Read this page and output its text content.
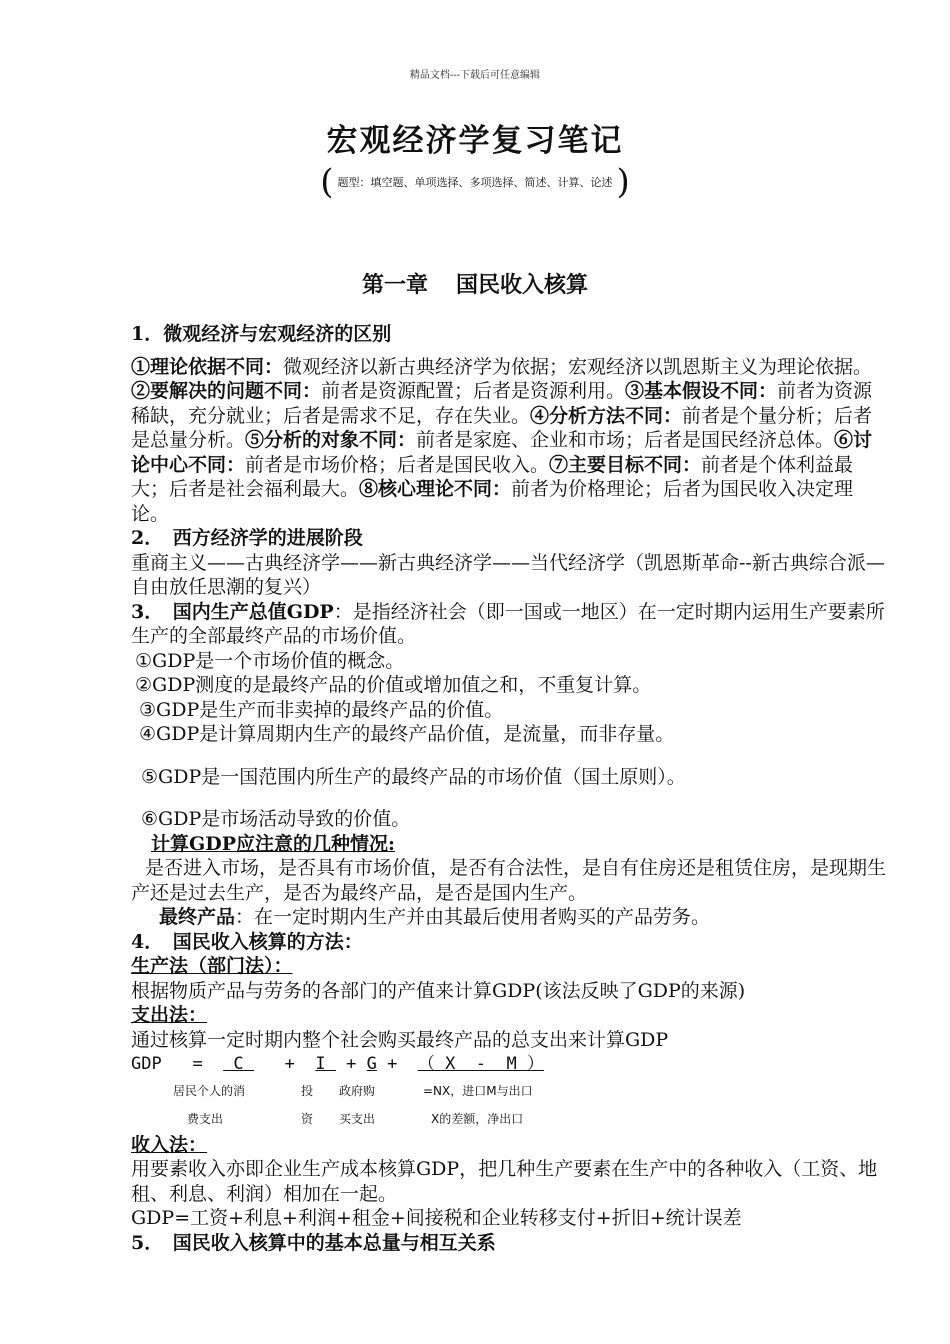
精品文档---下载后可任意编辑
宏观经济学复习笔记
( 题型：填空题、单项选择、多项选择、简述、计算、论述 )
第一章 国民收入核算
1．微观经济与宏观经济的区别

①理论依据不同：微观经济以新古典经济学为依据；宏观经济以凯恩斯主义为理论依据。②要解决的问题不同：前者是资源配置；后者是资源利用。③基本假设不同：前者为资源稀缺，充分就业；后者是需求不足，存在失业。④分析方法不同：前者是个量分析；后者是总量分析。⑤分析的对象不同：前者是家庭、企业和市场；后者是国民经济总体。⑥讨论中心不同：前者是市场价格；后者是国民收入。⑦主要目标不同：前者是个体利益最大；后者是社会福利最大。⑧核心理论不同：前者为价格理论；后者为国民收入决定理论。

2．　西方经济学的进展阶段

重商主义——古典经济学——新古典经济学——当代经济学（凯恩斯革命--新古典综合派—自由放任思潮的复兴）

3．　国内生产总值GDP：是指经济社会（即一国或一地区）在一定时期内运用生产要素所生产的全部最终产品的市场价值。

①GDP是一个市场价值的概念。

②GDP测度的是最终产品的价值或增加值之和，不重复计算。

③GDP是生产而非卖掉的最终产品的价值。

④GDP是计算周期内生产的最终产品价值，是流量，而非存量。

⑤GDP是一国范围内所生产的最终产品的市场价值（国土原则）。

⑥GDP是市场活动导致的价值。

计算GDP应注意的几种情况:

是否进入市场，是否具有市场价值，是否有合法性，是自有住房还是租赁住房，是现期生产还是过去生产，是否为最终产品，是否是国内生产。

最终产品：在一定时期内生产并由其最后使用者购买的产品劳务。

4．　国民收入核算的方法：

生产法（部门法）：

根据物质产品与劳务的各部门的产值来计算GDP(该法反映了GDP的来源)

支出法：

通过核算一定时期内整个社会购买最终产品的总支出来计算GDP

GDP = C + I + G + （ X  -  M ）

居民个人的消	投 政府购	=NX，进口M与出口
费支出	资 买支出	X的差额，净出口

收入法：

用要素收入亦即企业生产成本核算GDP，把几种生产要素在生产中的各种收入（工资、地租、利息、利润）相加在一起。

GDP=工资+利息+利润+租金+间接税和企业转移支付+折旧+统计误差

5．　国民收入核算中的基本总量与相互关系
